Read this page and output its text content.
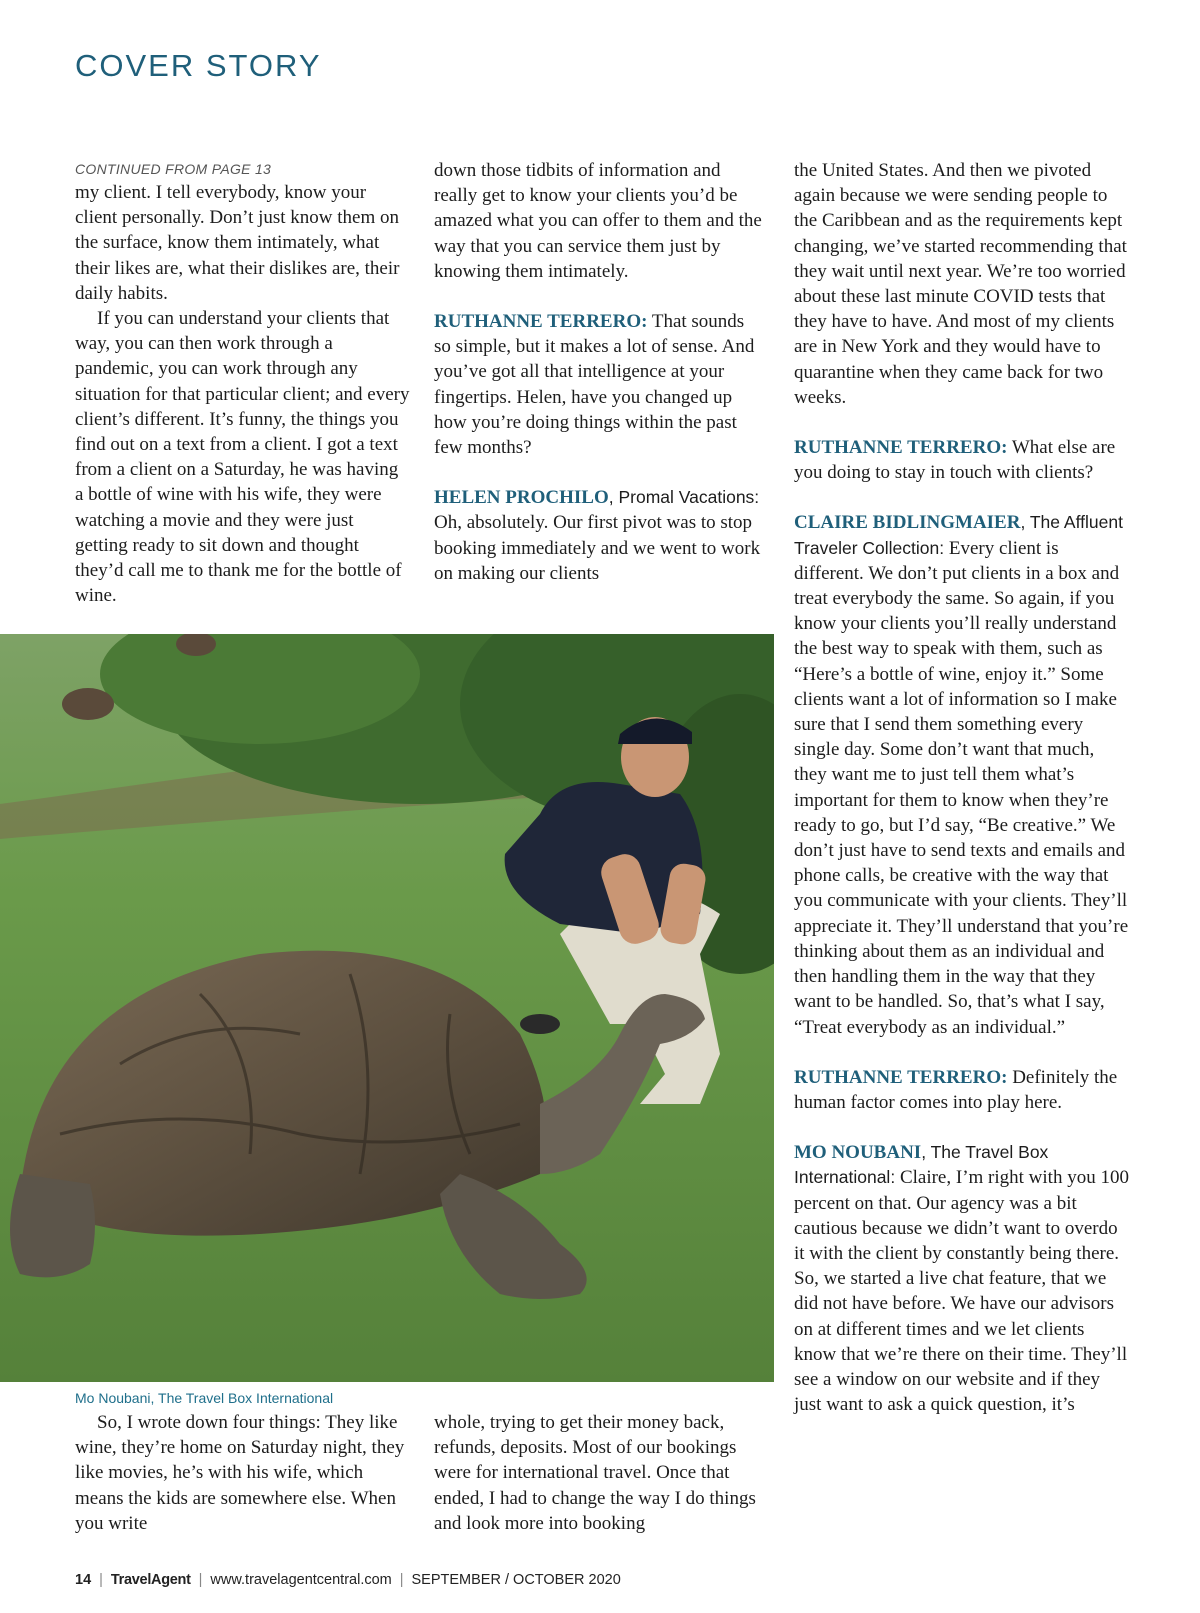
COVER STORY
CONTINUED FROM PAGE 13

my client. I tell everybody, know your client personally. Don’t just know them on the surface, know them intimately, what their likes are, what their dislikes are, their daily habits.

If you can understand your clients that way, you can then work through a pandemic, you can work through any situation for that particular client; and every client’s different. It’s funny, the things you find out on a text from a client. I got a text from a client on a Saturday, he was having a bottle of wine with his wife, they were watching a movie and they were just getting ready to sit down and thought they’d call me to thank me for the bottle of wine.

down those tidbits of information and really get to know your clients you’d be amazed what you can offer to them and the way that you can service them just by knowing them intimately.

RUTHANNE TERRERO: That sounds so simple, but it makes a lot of sense. And you’ve got all that intelligence at your fingertips. Helen, have you changed up how you’re doing things within the past few months?

HELEN PROCHILO, Promal Vacations: Oh, absolutely. Our first pivot was to stop booking immediately and we went to work on making our clients

the United States. And then we pivoted again because we were sending people to the Caribbean and as the requirements kept changing, we’ve started recommending that they wait until next year. We’re too worried about these last minute COVID tests that they have to have. And most of my clients are in New York and they would have to quarantine when they came back for two weeks.

RUTHANNE TERRERO: What else are you doing to stay in touch with clients?

CLAIRE BIDLINGMAIER, The Affluent Traveler Collection: Every client is different. We don’t put clients in a box and treat everybody the same. So again, if you know your clients you’ll really understand the best way to speak with them, such as “Here’s a bottle of wine, enjoy it.” Some clients want a lot of information so I make sure that I send them something every single day. Some don’t want that much, they want me to just tell them what’s important for them to know when they’re ready to go, but I’d say, “Be creative.” We don’t just have to send texts and emails and phone calls, be creative with the way that you communicate with your clients. They’ll appreciate it. They’ll understand that you’re thinking about them as an individual and then handling them in the way that they want to be handled. So, that’s what I say, “Treat everybody as an individual.”

RUTHANNE TERRERO: Definitely the human factor comes into play here.

MO NOUBANI, The Travel Box International: Claire, I’m right with you 100 percent on that. Our agency was a bit cautious because we didn’t want to overdo it with the client by constantly being there. So, we started a live chat feature, that we did not have before. We have our advisors on at different times and we let clients know that we’re there on their time. They’ll see a window on our website and if they just want to ask a quick question, it’s

Mo Noubani, The Travel Box International

So, I wrote down four things: They like wine, they’re home on Saturday night, they like movies, he’s with his wife, which means the kids are somewhere else. When you write

whole, trying to get their money back, refunds, deposits. Most of our bookings were for international travel. Once that ended, I had to change the way I do things and look more into booking

14 | TravelAgent | www.travelagentcentral.com | SEPTEMBER / OCTOBER 2020
